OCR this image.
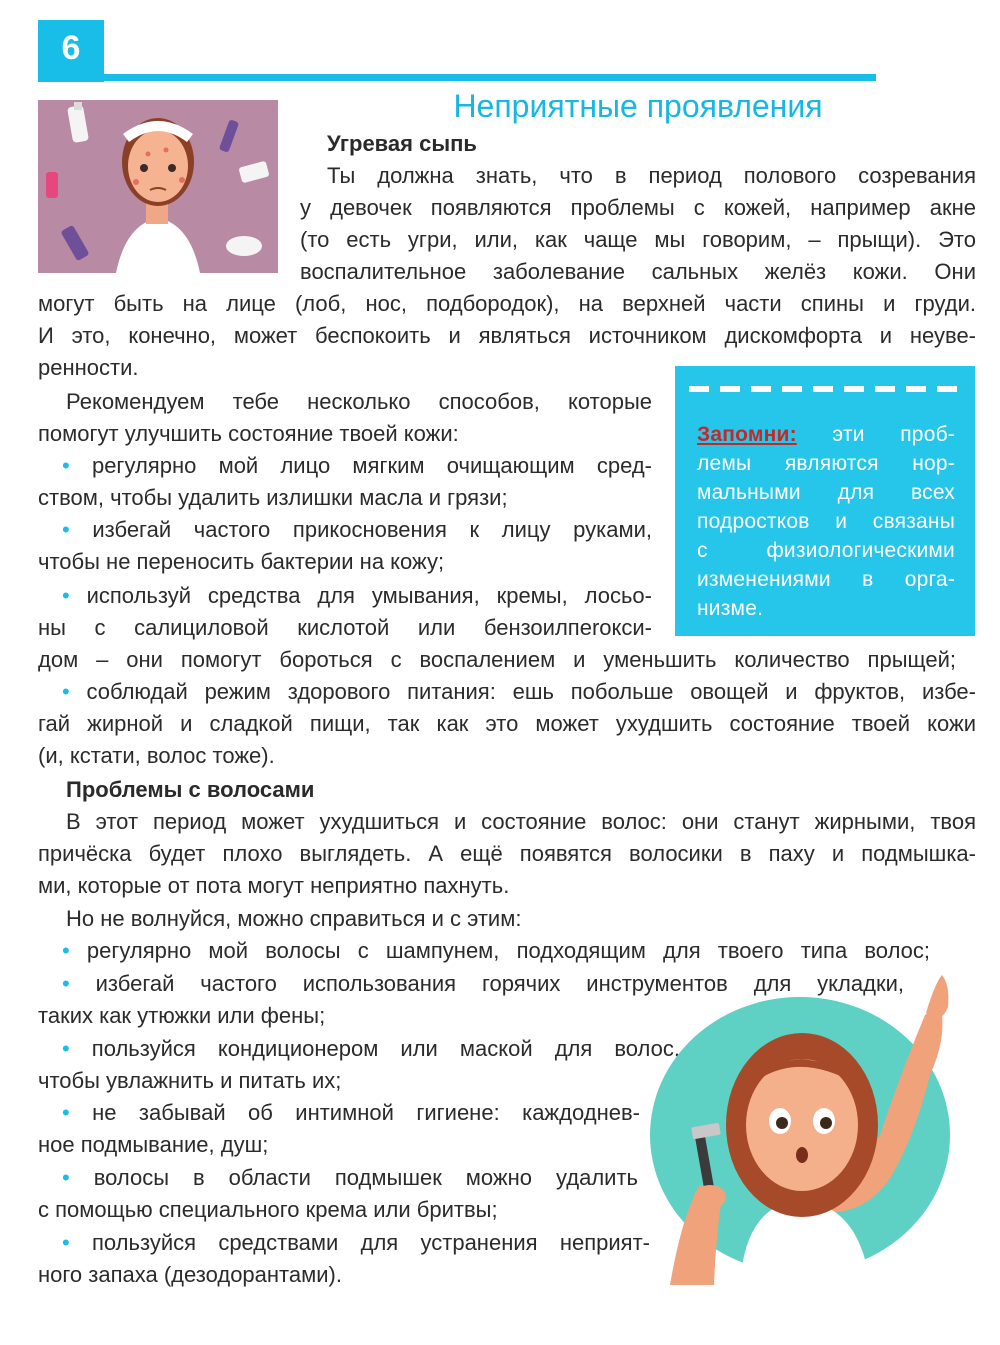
6
Неприятные проявления
Угревая сыпь
Ты должна знать, что в период полового созревания
у девочек появляются проблемы с кожей, например акне
(то есть угри, или, как чаще мы говорим, – прыщи). Это
воспалительное заболевание сальных желёз кожи. Они
могут быть на лице (лоб, нос, подбородок), на верхней части спины и груди.
И это, конечно, может беспокоить и являться источником дискомфорта и неуве-
ренности.
Рекомендуем тебе несколько способов, которые
помогут улучшить состояние твоей кожи:
• регулярно мой лицо мягким очищающим сред-
ством, чтобы удалить излишки масла и грязи;
• избегай частого прикосновения к лицу руками,
чтобы не переносить бактерии на кожу;
• используй средства для умывания, кремы, лосьо-
ны с салициловой кислотой или бензоилпerокси-
дом – они помогут бороться с воспалением и уменьшить количество прыщей;
• соблюдай режим здорового питания: ешь побольше овощей и фруктов, избе-
гай жирной и сладкой пищи, так как это может ухудшить состояние твоей кожи
(и, кстати, волос тоже).
Запомни: эти проб-
лемы являются нор-
мальными для всех
подростков и связаны
с физиологическими
изменениями в орга-
низме.
Проблемы с волосами
В этот период может ухудшиться и состояние волос: они станут жирными, твоя
причёска будет плохо выглядеть. А ещё появятся волосики в паху и подмышка-
ми, которые от пота могут неприятно пахнуть.
Но не волнуйся, можно справиться и с этим:
• регулярно мой волосы с шампунем, подходящим для твоего типа волос;
• избегай частого использования горячих инструментов для укладки,
таких как утюжки или фены;
• пользуйся кондиционером или маской для волос,
чтобы увлажнить и питать их;
• не забывай об интимной гигиене: каждоднев-
ное подмывание, душ;
• волосы в области подмышек можно удалить
с помощью специального крема или бритвы;
• пользуйся средствами для устранения неприят-
ного запаха (дезодорантами).
